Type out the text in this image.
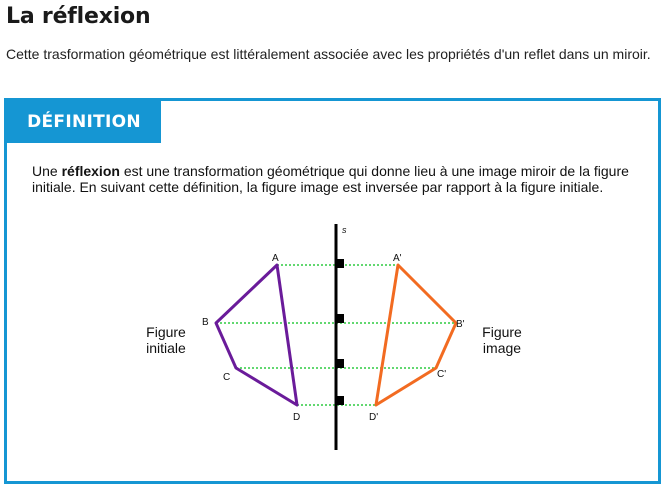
La réflexion

Cette trasformation géométrique est littéralement associée avec les propriétés d'un reflet dans un miroir.

DÉFINITION

Une réflexion est une transformation géométrique qui donne lieu à une image miroir de la figure initiale. En suivant cette définition, la figure image est inversée par rapport à la figure initiale.

s
A
B
C
D
A'
B'
C'
D'
Figure
initiale
Figure
image
